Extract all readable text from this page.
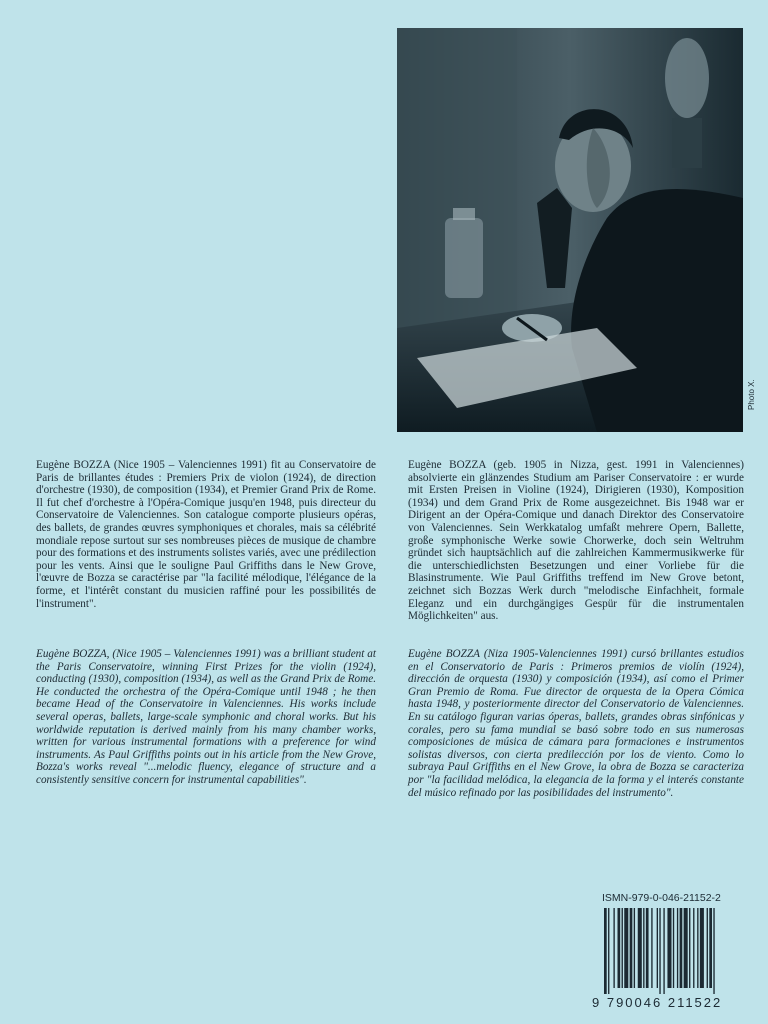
Photo X.

Eugène BOZZA (Nice 1905 – Valenciennes 1991) fit au Conservatoire de Paris de brillantes études : Premiers Prix de violon (1924), de direction d'orchestre (1930), de composition (1934), et Premier Grand Prix de Rome. Il fut chef d'orchestre à l'Opéra-Comique jusqu'en 1948, puis directeur du Conservatoire de Valenciennes. Son catalogue comporte plusieurs opéras, des ballets, de grandes œuvres symphoniques et chorales, mais sa célébrité mondiale repose surtout sur ses nombreuses pièces de musique de chambre pour des formations et des instruments solistes variés, avec une prédilection pour les vents. Ainsi que le souligne Paul Griffiths dans le New Grove, l'œuvre de Bozza se caractérise par "la facilité mélodique, l'élégance de la forme, et l'intérêt constant du musicien raffiné pour les possibilités de l'instrument".

Eugène BOZZA (geb. 1905 in Nizza, gest. 1991 in Valenciennes) absolvierte ein glänzendes Studium am Pariser Conservatoire : er wurde mit Ersten Preisen in Violine (1924), Dirigieren (1930), Komposition (1934) und dem Grand Prix de Rome ausgezeichnet. Bis 1948 war er Dirigent an der Opéra-Comique und danach Direktor des Conservatoire von Valenciennes. Sein Werkkatalog umfaßt mehrere Opern, Ballette, große symphonische Werke sowie Chorwerke, doch sein Weltruhm gründet sich hauptsächlich auf die zahlreichen Kammermusikwerke für die unterschiedlichsten Besetzungen und einer Vorliebe für die Blasinstrumente. Wie Paul Griffiths treffend im New Grove betont, zeichnet sich Bozzas Werk durch "melodische Einfachheit, formale Eleganz und ein durchgängiges Gespür für die instrumentalen Möglichkeiten" aus.

Eugène BOZZA, (Nice 1905 – Valenciennes 1991) was a brilliant student at the Paris Conservatoire, winning First Prizes for the violin (1924), conducting (1930), composition (1934), as well as the Grand Prix de Rome. He conducted the orchestra of the Opéra-Comique until 1948 ; he then became Head of the Conservatoire in Valenciennes. His works include several operas, ballets, large-scale symphonic and choral works. But his worldwide reputation is derived mainly from his many chamber works, written for various instrumental formations with a preference for wind instruments. As Paul Griffiths points out in his article from the New Grove, Bozza's works reveal "...melodic fluency, elegance of structure and a consistently sensitive concern for instrumental capabilities".

Eugène BOZZA (Niza 1905-Valenciennes 1991) cursó brillantes estudios en el Conservatorio de Paris : Primeros premios de violín (1924), dirección de orquesta (1930) y composición (1934), así como el Primer Gran Premio de Roma. Fue director de orquesta de la Opera Cómica hasta 1948, y posteriormente director del Conservatorio de Valenciennes. En su catálogo figuran varias óperas, ballets, grandes obras sinfónicas y corales, pero su fama mundial se basó sobre todo en sus numerosas composiciones de música de cámara para formaciones e instrumentos solistas diversos, con cierta predilección por los de viento. Como lo subraya Paul Griffiths en el New Grove, la obra de Bozza se caracteriza por "la facilidad melódica, la elegancia de la forma y el interés constante del músico refinado por las posibilidades del instrumento".

ISMN-979-0-046-21152-2
9 790046 211522
